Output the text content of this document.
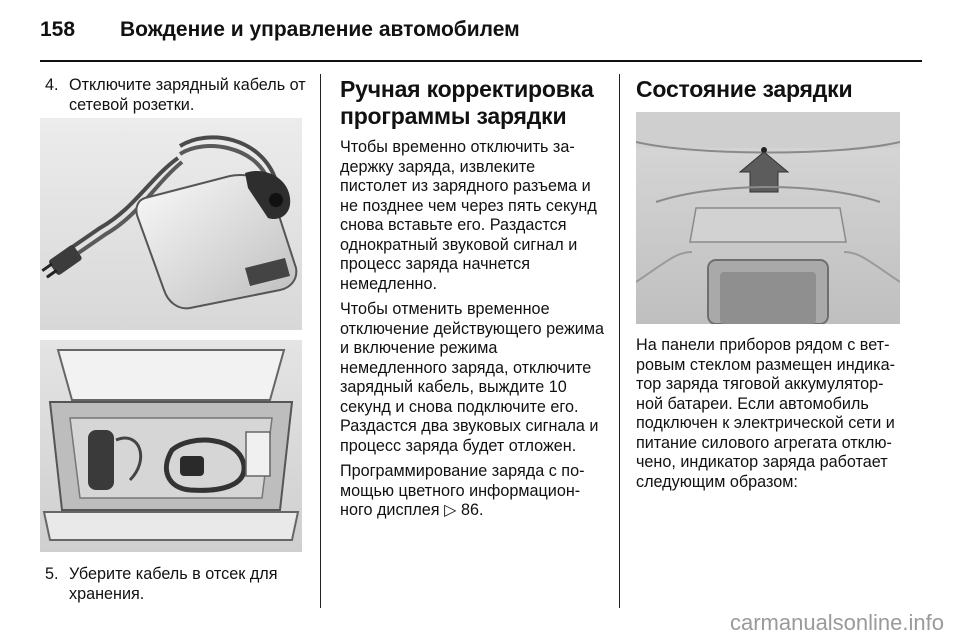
158 Вождение и управление автомобилем
4. Отключите зарядный кабель от сетевой розетки.
5. Уберите кабель в отсек для хранения.
Ручная корректировка программы зарядки

Чтобы временно отключить задержку заряда, извлеките пистолет из зарядного разъема и не позднее чем через пять секунд снова вставьте его. Раздастся однократный звуковой сигнал и процесс заряда начнется немедленно.

Чтобы отменить временное отключение действующего режима и включение режима немедленного заряда, отключите зарядный кабель, выждите 10 секунд и снова подключите его. Раздастся два звуковых сигнала и процесс заряда будет отложен.

Программирование заряда с помощью цветного информационного дисплея ▷ 86.

Состояние зарядки

На панели приборов рядом с ветровым стеклом размещен индикатор заряда тяговой аккумуляторной батареи. Если автомобиль подключен к электрической сети и питание силового агрегата отключено, индикатор заряда работает следующим образом:

carmanualsonline.info
